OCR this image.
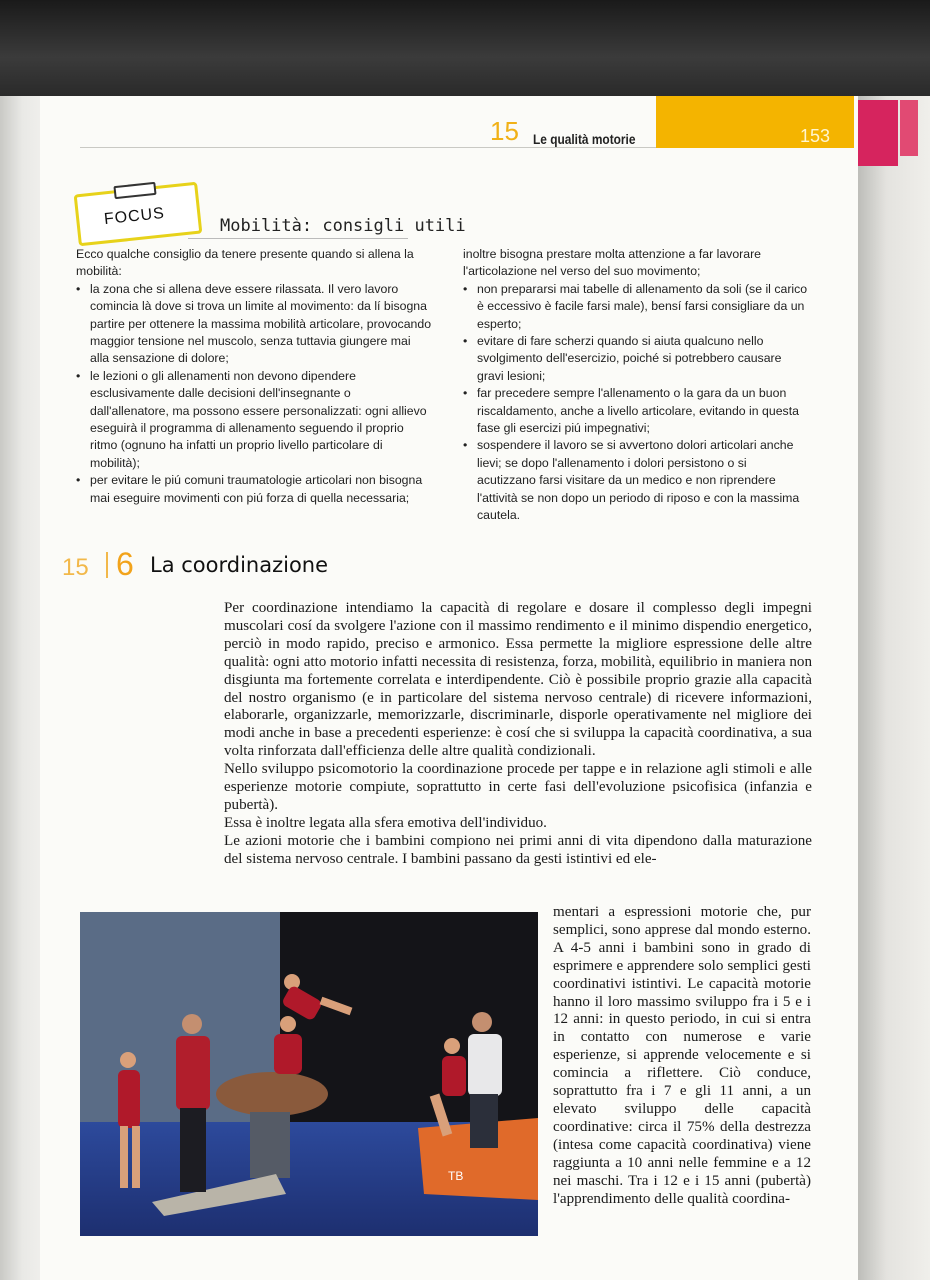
15 Le qualità motorie	153
FOCUS	Mobilità: consigli utili

Ecco qualche consiglio da tenere presente quando si allena la mobilità:

• la zona che si allena deve essere rilassata. Il vero lavoro comincia là dove si trova un limite al movimento: da lí bisogna partire per ottenere la massima mobilità articolare, provocando maggior tensione nel muscolo, senza tuttavia giungere mai alla sensazione di dolore;
• le lezioni o gli allenamenti non devono dipendere esclusivamente dalle decisioni dell'insegnante o dall'allenatore, ma possono essere personalizzati: ogni allievo eseguirà il programma di allenamento seguendo il proprio ritmo (ognuno ha infatti un proprio livello particolare di mobilità);
• per evitare le piú comuni traumatologie articolari non bisogna mai eseguire movimenti con piú forza di quella necessaria;
inoltre bisogna prestare molta attenzione a far lavorare l'articolazione nel verso del suo movimento;
• non prepararsi mai tabelle di allenamento da soli (se il carico è eccessivo è facile farsi male), bensí farsi consigliare da un esperto;
• evitare di fare scherzi quando si aiuta qualcuno nello svolgimento dell'esercizio, poiché si potrebbero causare gravi lesioni;
• far precedere sempre l'allenamento o la gara da un buon riscaldamento, anche a livello articolare, evitando in questa fase gli esercizi piú impegnativi;
• sospendere il lavoro se si avvertono dolori articolari anche lievi; se dopo l'allenamento i dolori persistono o si acutizzano farsi visitare da un medico e non riprendere l'attività se non dopo un periodo di riposo e con la massima cautela.
15 6 La coordinazione

Per coordinazione intendiamo la capacità di regolare e dosare il complesso degli impegni muscolari cosí da svolgere l'azione con il massimo rendimento e il minimo dispendio energetico, perciò in modo rapido, preciso e armonico. Essa permette la migliore espressione delle altre qualità: ogni atto motorio infatti necessita di resistenza, forza, mobilità, equilibrio in maniera non disgiunta ma fortemente correlata e interdipendente. Ciò è possibile proprio grazie alla capacità del nostro organismo (e in particolare del sistema nervoso centrale) di ricevere informazioni, elaborarle, organizzarle, memorizzarle, discriminarle, disporle operativamente nel migliore dei modi anche in base a precedenti esperienze: è cosí che si sviluppa la capacità coordinativa, a sua volta rinforzata dall'efficienza delle altre qualità condizionali.

Nello sviluppo psicomotorio la coordinazione procede per tappe e in relazione agli stimoli e alle esperienze motorie compiute, soprattutto in certe fasi dell'evoluzione psicofisica (infanzia e pubertà).

Essa è inoltre legata alla sfera emotiva dell'individuo.

Le azioni motorie che i bambini compiono nei primi anni di vita dipendono dalla maturazione del sistema nervoso centrale. I bambini passano da gesti istintivi ed ele-

TB
mentari a espressioni motorie che, pur semplici, sono apprese dal mondo esterno. A 4-5 anni i bambini sono in grado di esprimere e apprendere solo semplici gesti coordinativi istintivi. Le capacità motorie hanno il loro massimo sviluppo fra i 5 e i 12 anni: in questo periodo, in cui si entra in contatto con numerose e varie esperienze, si apprende velocemente e si comincia a riflettere. Ciò conduce, soprattutto fra i 7 e gli 11 anni, a un elevato sviluppo delle capacità coordinative: circa il 75% della destrezza (intesa come capacità coordinativa) viene raggiunta a 10 anni nelle femmine e a 12 nei maschi. Tra i 12 e i 15 anni (pubertà) l'apprendimento delle qualità coordina-
